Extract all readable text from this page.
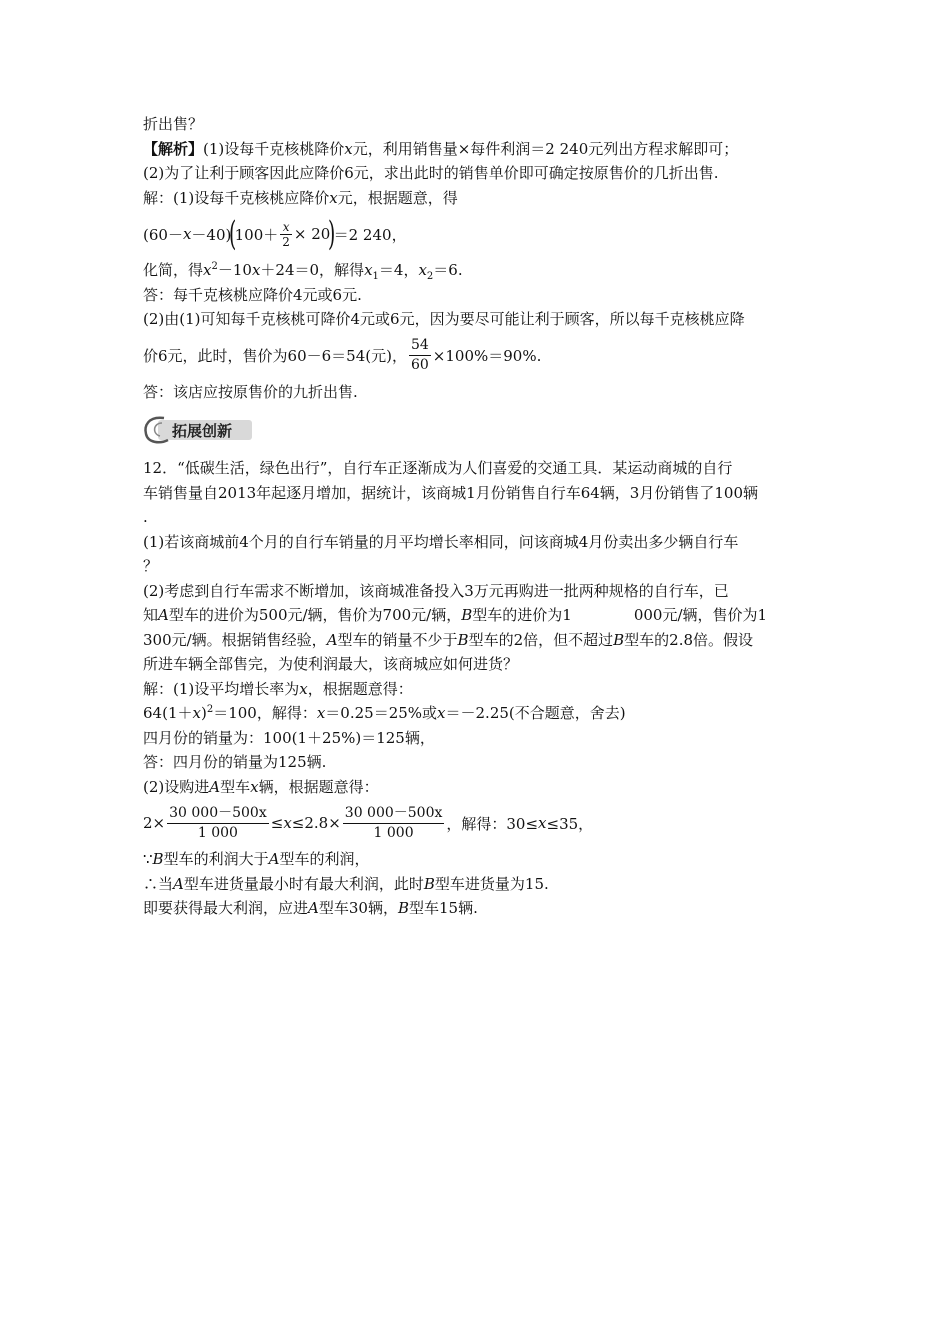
折出售？
【解析】(1)设每千克核桃降价x元，利用销售量×每件利润＝2 240元列出方程求解即可；
(2)为了让利于顾客因此应降价6元，求出此时的销售单价即可确定按原售价的几折出售.
解：(1)设每千克核桃应降价x元，根据题意，得
(60－ x －40)
(
$100+ \frac{x}{2} \times 20$
)
＝2 240，
化简，得$x^2-10x+24=0$，解得$x_1=4$，$x_2=6$.
答：每千克核桃应降价4元或6元.
(2)由(1)可知每千克核桃可降价4元或6元，因为要尽可能让利于顾客，所以每千克核桃应降
价6元，此时，售价为60－6＝54(元)， $\frac{54}{60} \times 100\%=90\%$.
答：该店应按原售价的九折出售.
拓展创新
12．“低碳生活，绿色出行”，自行车正逐渐成为人们喜爱的交通工具．某运动商城的自行
车销售量自2013年起逐月增加，据统计，该商城1月份销售自行车64辆，3月份销售了100辆
.
(1)若该商城前4个月的自行车销量的月平均增长率相同，问该商城4月份卖出多少辆自行车
？
(2)考虑到自行车需求不断增加，该商城准备投入3万元再购进一批两种规格的自行车，已
知A型车的进价为500元/辆，售价为700元/辆，B型车的进价为1	000元/辆，售价为1
300元/辆。根据销售经验，A型车的销量不少于B型车的2倍，但不超过B型车的2.8倍。假设
所进车辆全部售完，为使利润最大，该商城应如何进货？
解：(1)设平均增长率为x，根据题意得：
$64(1+x)^2=100$，解得：x＝0.25＝25%或x＝－2.25(不合题意，舍去)
四月份的销量为：100(1＋25%)＝125辆，
答：四月份的销量为125辆.
(2)设购进A型车x辆，根据题意得：
$2\times \frac{30 000-500x}{1 000} \le x \le 2.8\times \frac{30 000-500x}{1 000}$ ，解得：30≤ x ≤35，
∵B型车的利润大于A型车的利润，
∴当A型车进货量最小时有最大利润，此时B型车进货量为15.
即要获得最大利润，应进A型车30辆，B型车15辆.
